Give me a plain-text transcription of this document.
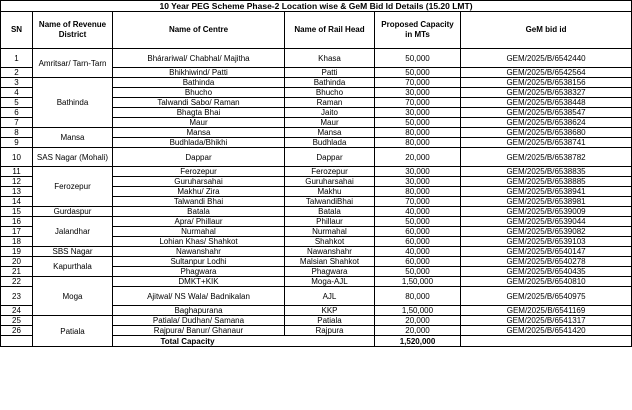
10 Year PEG Scheme Phase-2 Location wise & GeM Bid Id Details (15.20 LMT)					
SN	Name of Revenue District	Name of Centre	Name of Rail Head	Proposed Capacity in MTs	GeM bid id
1	Amritsar/ Tarn-Tarn	Bhárariwal/ Chabhal/ Majitha	Khasa	50,000	GEM/2025/B/6542440
2		Bhikhiwind/ Patti	Patti	50,000	GEM/2025/B/6542564
3	Bathinda	Bathinda	Bathinda	70,000	GEM/2025/B/6538156
4		Bhucho	Bhucho	30,000	GEM/2025/B/6538327
5		Talwandi Sabo/ Raman	Raman	70,000	GEM/2025/B/6538448
6		Bhagta Bhai	Jaito	30,000	GEM/2025/B/6538547
7		Maur	Maur	50,000	GEM/2025/B/6538624
8	Mansa	Mansa	Mansa	80,000	GEM/2025/B/6538680
9		Budhlada/Bhikhi	Budhlada	80,000	GEM/2025/B/6538741
10	SAS Nagar (Mohali)	Dappar	Dappar	20,000	GEM/2025/B/6538782
11	Ferozepur	Ferozepur	Ferozepur	30,000	GEM/2025/B/6538835
12		Guruharsahai	Guruharsahai	30,000	GEM/2025/B/6538885
13		Makhu/ Zira	Makhu	80,000	GEM/2025/B/6538941
14		Talwandi Bhai	TalwandiBhai	70,000	GEM/2025/B/6538981
15	Gurdaspur	Batala	Batala	40,000	GEM/2025/B/6539009
16	Jalandhar	Apra/ Phillaur	Phillaur	50,000	GEM/2025/B/6539044
17		Nurmahal	Nurmahal	60,000	GEM/2025/B/6539082
18		Lohian Khas/ Shahkot	Shahkot	60,000	GEM/2025/B/6539103
19	SBS Nagar	Nawanshahr	Nawanshahr	40,000	GEM/2025/B/6540147
20	Kapurthala	Sultanpur Lodhi	Malsian Shahkot	60,000	GEM/2025/B/6540278
21		Phagwara	Phagwara	50,000	GEM/2025/B/6540435
22	Moga	DMKT+KIK	Moga-AJL	1,50,000	GEM/2025/B/6540810
23		Ajitwal/ NS Wala/ Badnikalan	AJL	80,000	GEM/2025/B/6540975
24		Baghapurana	KKP	1,50,000	GEM/2025/B/6541169
25	Patiala	Patiala/ Dudhan/ Samana	Patiala	20,000	GEM/2025/B/6541317
26		Rajpura/ Banur/ Ghanaur	Rajpura	20,000	GEM/2025/B/6541420
Total Capacity				1,520,000	
